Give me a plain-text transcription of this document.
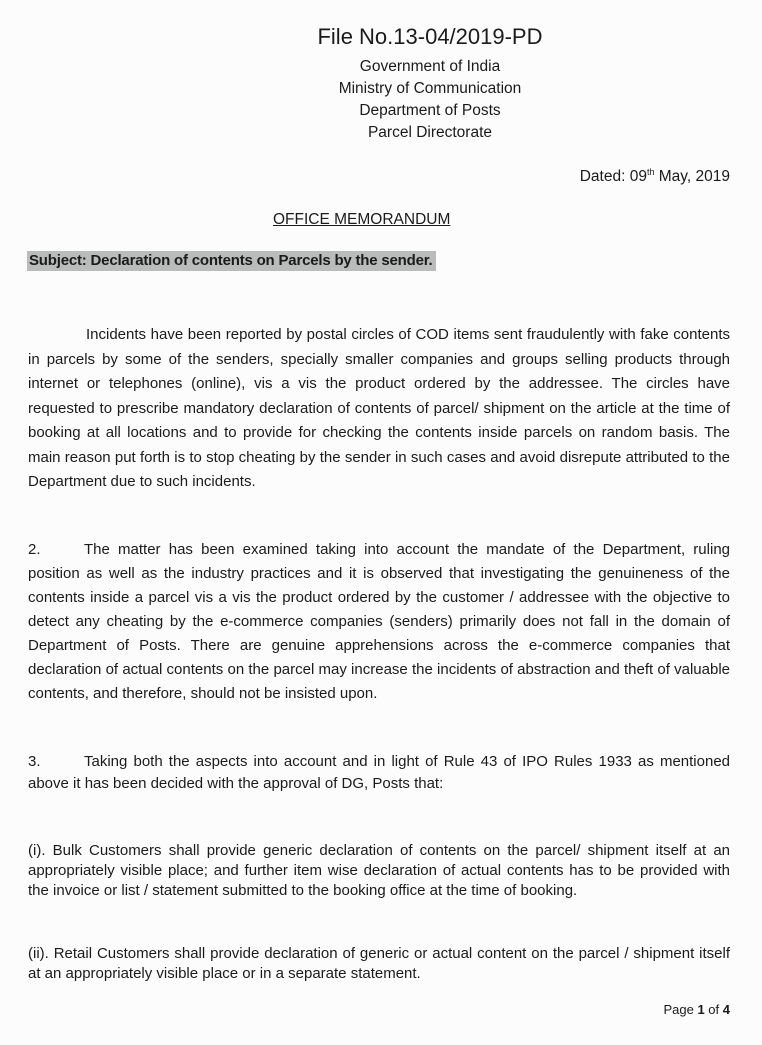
File No.13-04/2019-PD
Government of India
Ministry of Communication
Department of Posts
Parcel Directorate
Dated: 09th May, 2019
OFFICE MEMORANDUM
Subject: Declaration of contents on Parcels by the sender.
Incidents have been reported by postal circles of COD items sent fraudulently with fake contents in parcels by some of the senders, specially smaller companies and groups selling products through internet or telephones (online), vis a vis the product ordered by the addressee. The circles have requested to prescribe mandatory declaration of contents of parcel/ shipment on the article at the time of booking at all locations and to provide for checking the contents inside parcels on random basis. The main reason put forth is to stop cheating by the sender in such cases and avoid disrepute attributed to the Department due to such incidents.
2.	The matter has been examined taking into account the mandate of the Department, ruling position as well as the industry practices and it is observed that investigating the genuineness of the contents inside a parcel vis a vis the product ordered by the customer / addressee with the objective to detect any cheating by the e-commerce companies (senders) primarily does not fall in the domain of Department of Posts. There are genuine apprehensions across the e-commerce companies that declaration of actual contents on the parcel may increase the incidents of abstraction and theft of valuable contents, and therefore, should not be insisted upon.
3.	Taking both the aspects into account and in light of Rule 43 of IPO Rules 1933 as mentioned above it has been decided with the approval of DG, Posts that:
(i). Bulk Customers shall provide generic declaration of contents on the parcel/ shipment itself at an appropriately visible place; and further item wise declaration of actual contents has to be provided with the invoice or list / statement submitted to the booking office at the time of booking.
(ii). Retail Customers shall provide declaration of generic or actual content on the parcel / shipment itself at an appropriately visible place or in a separate statement.
Page 1 of 4
